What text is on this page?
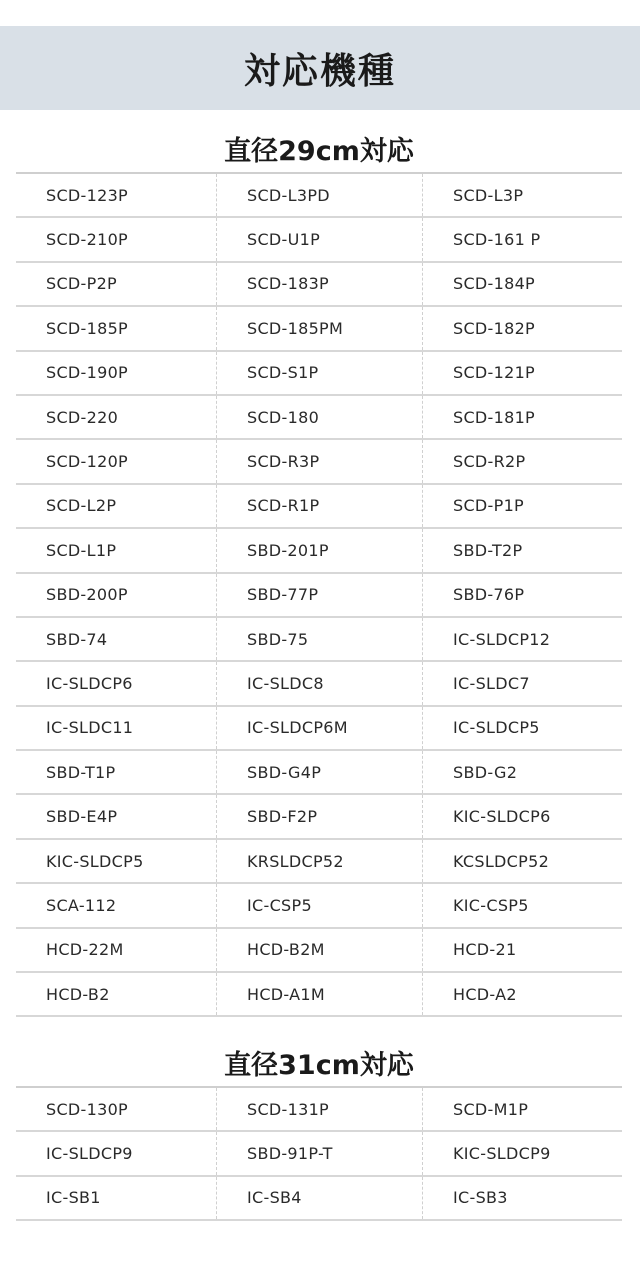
対応機種
直径29cm対応
SCD-123P	SCD-L3PD	SCD-L3P
SCD-210P	SCD-U1P	SCD-161 P
SCD-P2P	SCD-183P	SCD-184P
SCD-185P	SCD-185PM	SCD-182P
SCD-190P	SCD-S1P	SCD-121P
SCD-220	SCD-180	SCD-181P
SCD-120P	SCD-R3P	SCD-R2P
SCD-L2P	SCD-R1P	SCD-P1P
SCD-L1P	SBD-201P	SBD-T2P
SBD-200P	SBD-77P	SBD-76P
SBD-74	SBD-75	IC-SLDCP12
IC-SLDCP6	IC-SLDC8	IC-SLDC7
IC-SLDC11	IC-SLDCP6M	IC-SLDCP5
SBD-T1P	SBD-G4P	SBD-G2
SBD-E4P	SBD-F2P	KIC-SLDCP6
KIC-SLDCP5	KRSLDCP52	KCSLDCP52
SCA-112	IC-CSP5	KIC-CSP5
HCD-22M	HCD-B2M	HCD-21
HCD-B2	HCD-A1M	HCD-A2
直径31cm対応
SCD-130P	SCD-131P	SCD-M1P
IC-SLDCP9	SBD-91P-T	KIC-SLDCP9
IC-SB1	IC-SB4	IC-SB3
